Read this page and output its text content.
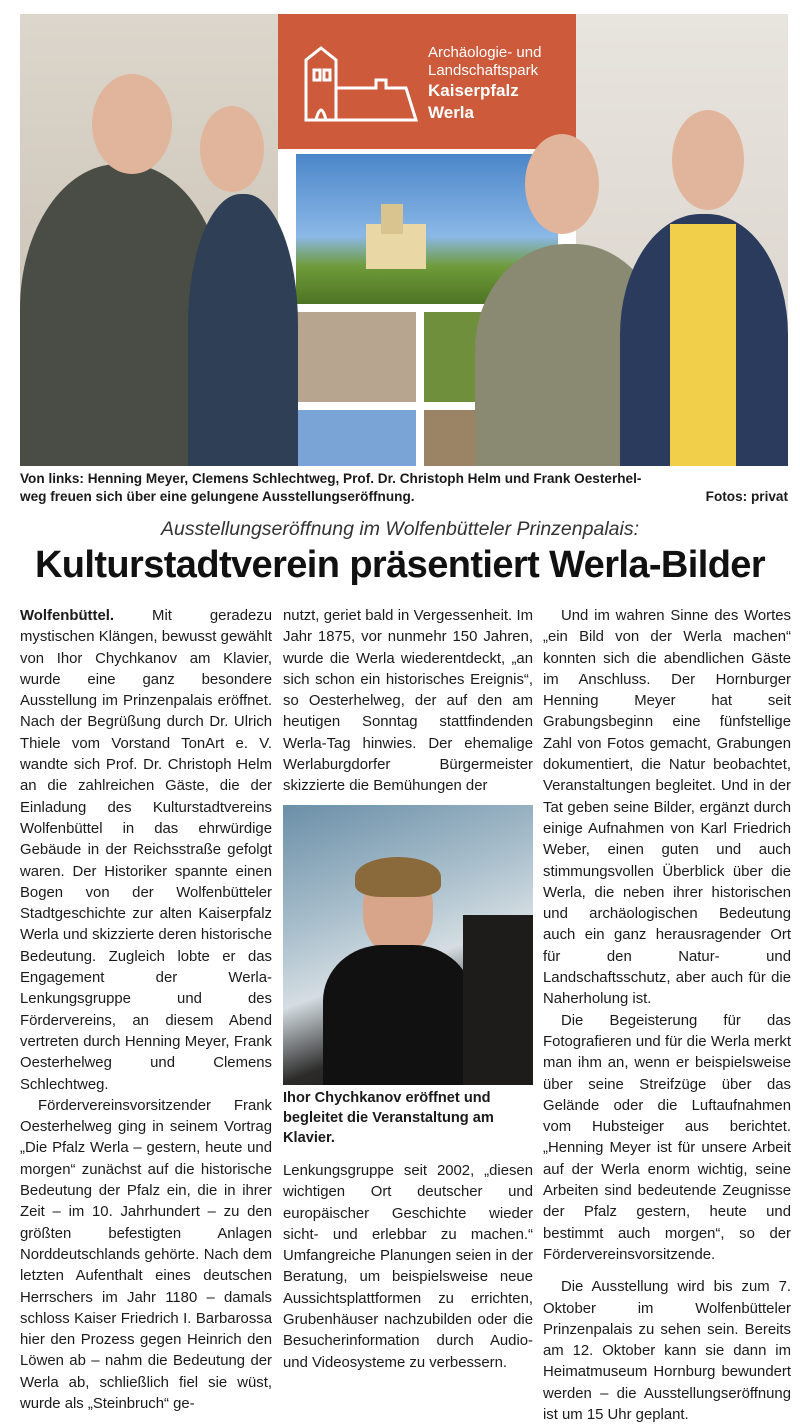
Archäologie- und
Landschaftspark
Kaiserpfalz
Werla
Von links: Henning Meyer, Clemens Schlechtweg, Prof. Dr. Christoph Helm und Frank Oesterhel-
weg freuen sich über eine gelungene Ausstellungseröffnung.	Fotos: privat
Ausstellungseröffnung im Wolfenbütteler Prinzenpalais:
Kulturstadtverein präsentiert Werla-Bilder

Wolfenbüttel.	Mit geradezu mystischen Klängen, bewusst gewählt von Ihor Chychkanov am Klavier, wurde eine ganz besondere Ausstellung im Prinzenpalais eröffnet. Nach der Begrüßung durch Dr. Ulrich Thiele vom Vorstand TonArt e. V. wandte sich Prof. Dr. Christoph Helm an die zahlreichen Gäste, die der Einladung des Kulturstadtvereins Wolfenbüttel in das ehrwürdige Gebäude in der Reichsstraße gefolgt waren. Der Historiker spannte einen Bogen von der Wolfenbütteler Stadtgeschichte zur alten Kaiserpfalz Werla und skizzierte deren historische Bedeutung. Zugleich lobte er das Engagement der Werla-Lenkungsgruppe und des Fördervereins, an diesem Abend vertreten durch Henning Meyer, Frank Oesterhelweg und Clemens Schlechtweg.

Fördervereinsvorsitzender Frank Oesterhelweg ging in seinem Vortrag „Die Pfalz Werla – gestern, heute und morgen“ zunächst auf die historische Bedeutung der Pfalz ein, die in ihrer Zeit – im 10. Jahrhundert – zu den größten befestigten Anlagen Norddeutschlands gehörte. Nach dem letzten Aufenthalt eines deutschen Herrschers im Jahr 1180 – damals schloss Kaiser Friedrich I. Barbarossa hier den Prozess gegen Heinrich den Löwen ab – nahm die Bedeutung der Werla ab, schließlich fiel sie wüst, wurde als „Steinbruch“ ge-

nutzt, geriet bald in Vergessenheit. Im Jahr 1875, vor nunmehr 150 Jahren, wurde die Werla wiederentdeckt, „an sich schon ein historisches Ereignis“, so Oesterhelweg, der auf den am heutigen Sonntag stattfindenden Werla-Tag hinwies. Der ehemalige Werlaburgdorfer Bürgermeister skizzierte die Bemühungen der

Ihor Chychkanov eröffnet und begleitet die Veranstaltung am Klavier.

Lenkungsgruppe seit 2002, „diesen wichtigen Ort deutscher und europäischer Geschichte wieder sicht- und erlebbar zu machen.“ Umfangreiche Planungen seien in der Beratung, um beispielsweise neue Aussichtsplattformen zu errichten, Grubenhäuser nachzubilden oder die Besucherinformation durch Audio- und Videosysteme zu verbessern.

Und im wahren Sinne des Wortes „ein Bild von der Werla machen“ konnten sich die abendlichen Gäste im Anschluss. Der Hornburger Henning Meyer hat seit Grabungsbeginn eine fünfstellige Zahl von Fotos gemacht, Grabungen dokumentiert, die Natur beobachtet, Veranstaltungen begleitet. Und in der Tat geben seine Bilder, ergänzt durch einige Aufnahmen von Karl Friedrich Weber, einen guten und auch stimmungsvollen Überblick über die Werla, die neben ihrer historischen und archäologischen Bedeutung auch ein ganz herausragender Ort für den Natur- und Landschaftsschutz, aber auch für die Naherholung ist.

Die Begeisterung für das Fotografieren und für die Werla merkt man ihm an, wenn er beispielsweise über seine Streifzüge über das Gelände oder die Luftaufnahmen vom Hubsteiger aus berichtet. „Henning Meyer ist für unsere Arbeit auf der Werla enorm wichtig, seine Arbeiten sind bedeutende Zeugnisse der Pfalz gestern, heute und bestimmt auch morgen“, so der Fördervereinsvorsitzende.

Die Ausstellung wird bis zum 7. Oktober im Wolfenbütteler Prinzenpalais zu sehen sein. Bereits am 12. Oktober kann sie dann im Heimatmuseum Hornburg bewundert werden – die Ausstellungseröffnung ist um 15 Uhr geplant.
